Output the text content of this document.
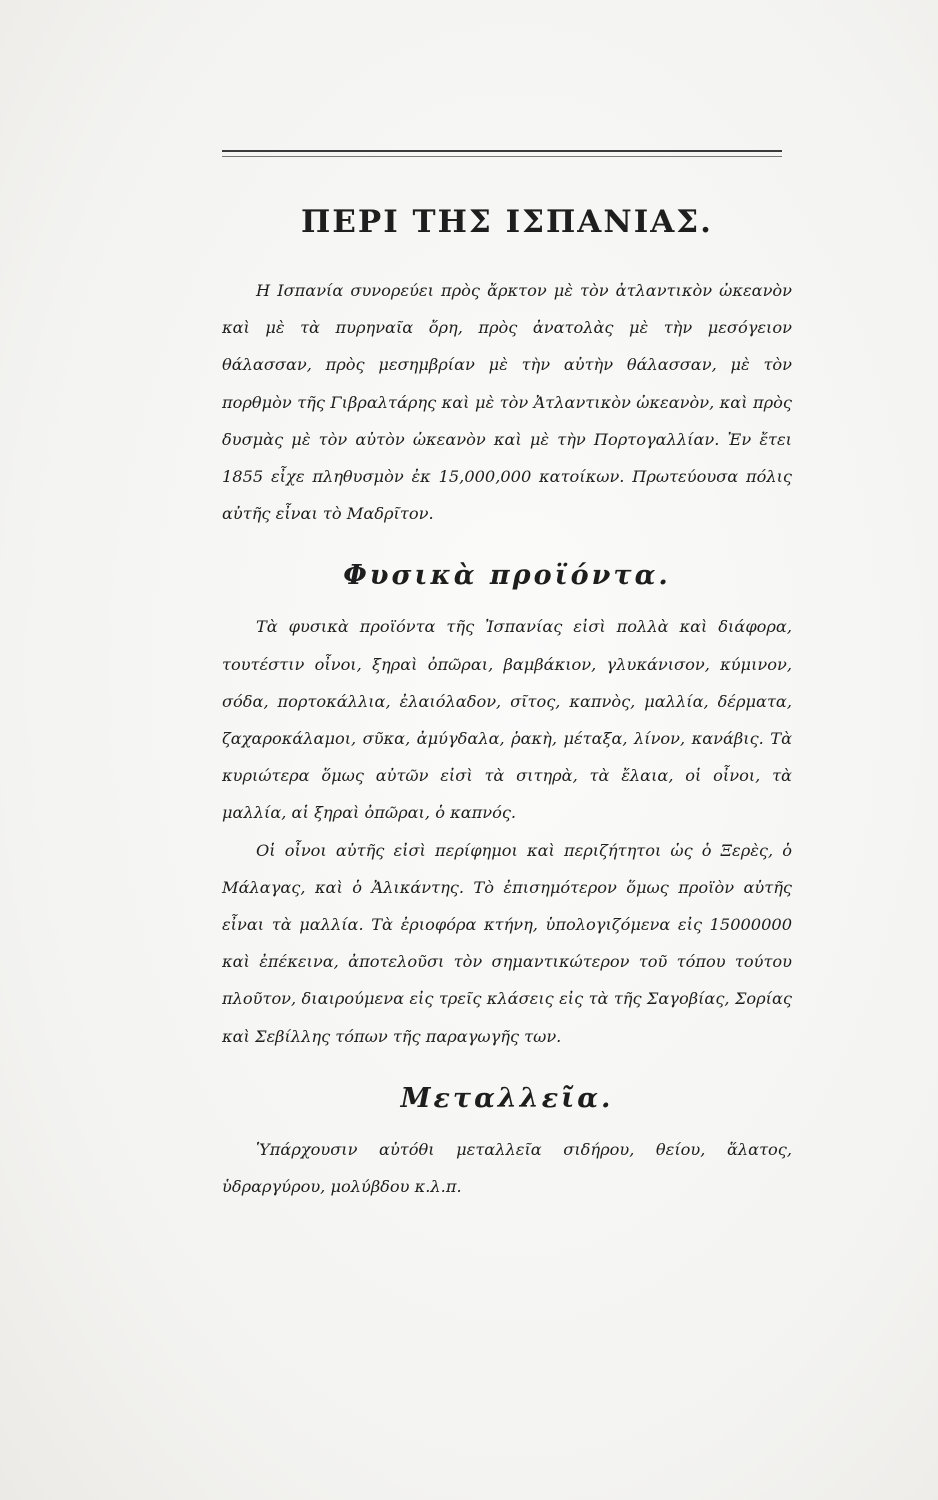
ΠΕΡΙ ΤΗΣ ΙΣΠΑΝΙΑΣ.

Η Ισπανία συνορεύει πρὸς ἄρκτον μὲ τὸν ἀτλαντικὸν ὠκεανὸν καὶ μὲ τὰ πυρηναῖα ὄρη, πρὸς ἀνατολὰς μὲ τὴν μεσόγειον θάλασσαν, πρὸς μεσημβρίαν μὲ τὴν αὐτὴν θάλασσαν, μὲ τὸν πορθμὸν τῆς Γιβραλτάρης καὶ μὲ τὸν Ἀτλαντικὸν ὠκεανὸν, καὶ πρὸς δυσμὰς μὲ τὸν αὐτὸν ὠκεανὸν καὶ μὲ τὴν Πορτογαλλίαν. Ἐν ἔτει 1855 εἶχε πληθυσμὸν ἐκ 15,000,000 κατοίκων. Πρωτεύουσα πόλις αὐτῆς εἶναι τὸ Μαδρῖτον.

Φυσικὰ προϊόντα.

Τὰ φυσικὰ προϊόντα τῆς Ἰσπανίας εἰσὶ πολλὰ καὶ διάφορα, τουτέστιν οἶνοι, ξηραὶ ὀπῶραι, βαμβάκιον, γλυκάνισον, κύμινον, σόδα, πορτοκάλλια, ἐλαιόλαδον, σῖτος, καπνὸς, μαλλία, δέρματα, ζαχαροκάλαμοι, σῦκα, ἀμύγδαλα, ῥακὴ, μέταξα, λίνον, κανάβις. Τὰ κυριώτερα ὅμως αὐτῶν εἰσὶ τὰ σιτηρὰ, τὰ ἔλαια, οἱ οἶνοι, τὰ μαλλία, αἱ ξηραὶ ὀπῶραι, ὁ καπνός.

Οἱ οἶνοι αὐτῆς εἰσὶ περίφημοι καὶ περιζήτητοι ὡς ὁ Ξερὲς, ὁ Μάλαγας, καὶ ὁ Ἀλικάντης. Τὸ ἐπισημότερον ὅμως προϊὸν αὐτῆς εἶναι τὰ μαλλία. Τὰ ἐριοφόρα κτήνη, ὑπολογιζόμενα εἰς 15000000 καὶ ἐπέκεινα, ἀποτελοῦσι τὸν σημαντικώτερον τοῦ τόπου τούτου πλοῦτον, διαιρούμενα εἰς τρεῖς κλάσεις εἰς τὰ τῆς Σαγοβίας, Σορίας καὶ Σεβίλλης τόπων τῆς παραγωγῆς των.

Μεταλλεῖα.

Ὑπάρχουσιν αὐτόθι μεταλλεῖα σιδήρου, θείου, ἅλατος, ὑδραργύρου, μολύβδου κ.λ.π.
